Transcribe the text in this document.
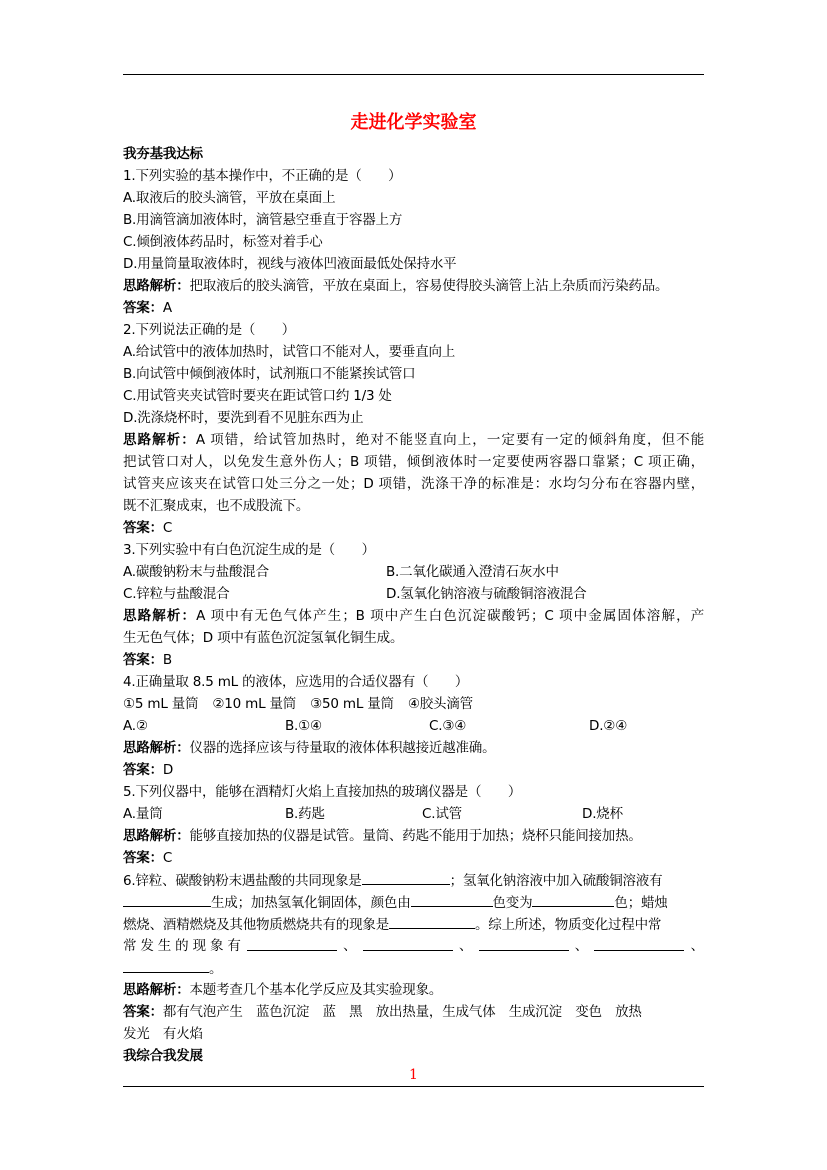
走进化学实验室
我夯基我达标
1.下列实验的基本操作中，不正确的是（　　）
A.取液后的胶头滴管，平放在桌面上
B.用滴管滴加液体时，滴管悬空垂直于容器上方
C.倾倒液体药品时，标签对着手心
D.用量筒量取液体时，视线与液体凹液面最低处保持水平
思路解析：把取液后的胶头滴管，平放在桌面上，容易使得胶头滴管上沾上杂质而污染药品。
答案：A
2.下列说法正确的是（　　）
A.给试管中的液体加热时，试管口不能对人，要垂直向上
B.向试管中倾倒液体时，试剂瓶口不能紧挨试管口
C.用试管夹夹试管时要夹在距试管口约 1/3 处
D.洗涤烧杯时，要洗到看不见脏东西为止
思路解析：A 项错，给试管加热时，绝对不能竖直向上，一定要有一定的倾斜角度，但不能
把试管口对人，以免发生意外伤人；B 项错，倾倒液体时一定要使两容器口靠紧；C 项正确，
试管夹应该夹在试管口处三分之一处；D 项错，洗涤干净的标准是：水均匀分布在容器内壁，
既不汇聚成束，也不成股流下。
答案：C
3.下列实验中有白色沉淀生成的是（　　）
A.碳酸钠粉末与盐酸混合	B.二氧化碳通入澄清石灰水中
C.锌粒与盐酸混合	D.氢氧化钠溶液与硫酸铜溶液混合
思路解析：A 项中有无色气体产生；B 项中产生白色沉淀碳酸钙；C 项中金属固体溶解，产
生无色气体；D 项中有蓝色沉淀氢氧化铜生成。
答案：B
4.正确量取 8.5 mL 的液体，应选用的合适仪器有（　　）
①5 mL 量筒 ②10 mL 量筒 ③50 mL 量筒 ④胶头滴管
A.②	B.①④	C.③④	D.②④
思路解析：仪器的选择应该与待量取的液体体积越接近越准确。
答案：D
5.下列仪器中，能够在酒精灯火焰上直接加热的玻璃仪器是（　　）
A.量筒	B.药匙	C.试管	D.烧杯
思路解析：能够直接加热的仪器是试管。量筒、药匙不能用于加热；烧杯只能间接加热。
答案：C
6.锌粒、碳酸钠粉末遇盐酸的共同现象是	；氢氧化钠溶液中加入硫酸铜溶液有
生成；加热氢氧化铜固体，颜色由	色变为	色；蜡烛
燃烧、酒精燃烧及其他物质燃烧共有的现象是	。综上所述，物质变化过程中常
常 发 生 的 现 象 有	、	、	、	、
。
思路解析：本题考查几个基本化学反应及其实验现象。
答案：都有气泡产生　蓝色沉淀　蓝　黑　放出热量，生成气体　生成沉淀　变色　放热
发光　有火焰
我综合我发展
1
